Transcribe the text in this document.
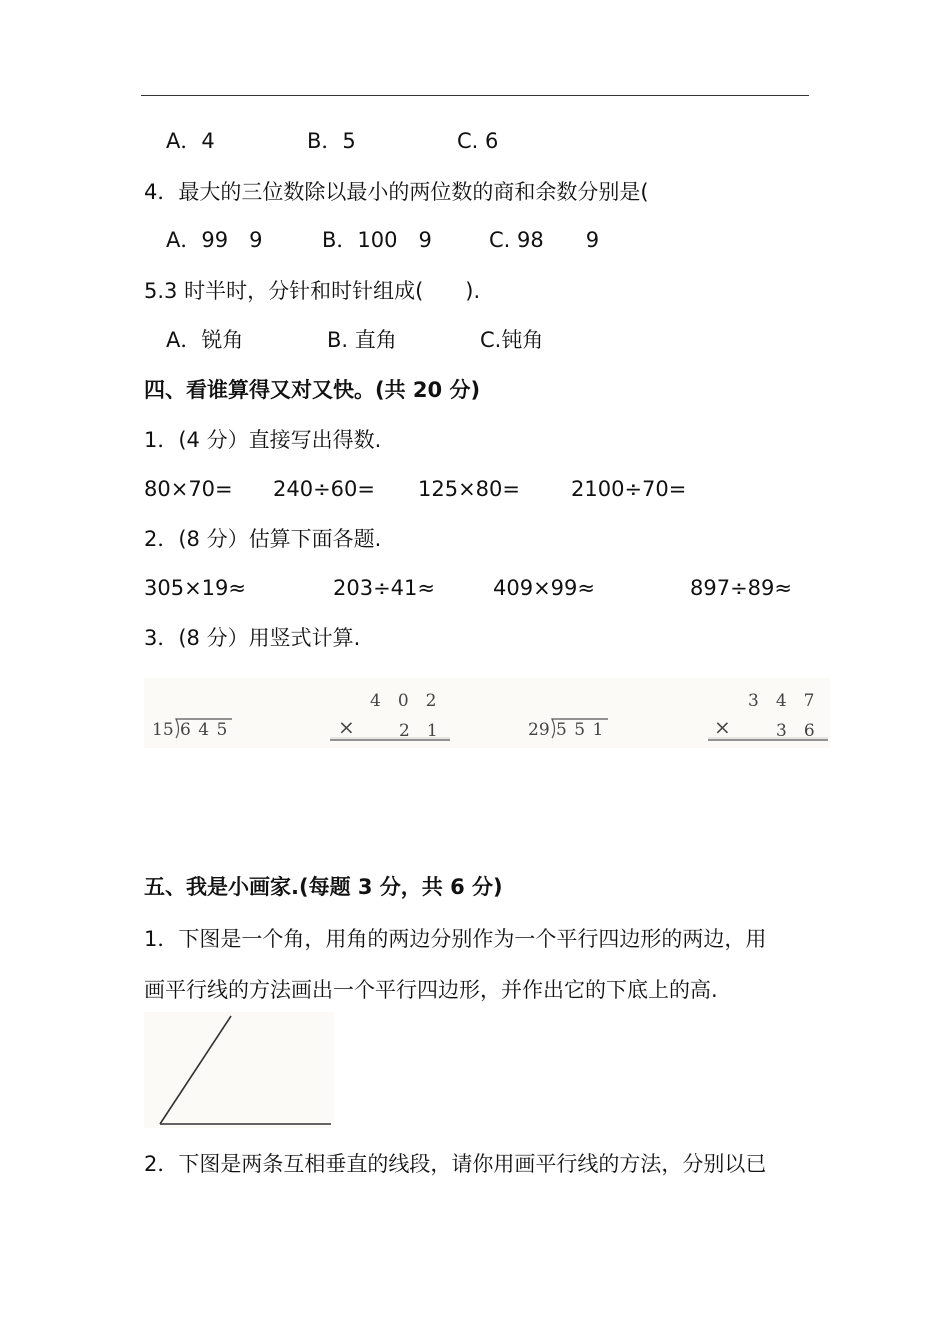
A．4	B．5	C. 6
4．最大的三位数除以最小的两位数的商和余数分别是(
A．99　9	B．100　9	C. 98　　9
5.3 时半时，分针和时针组成(　　).
A．锐角	B. 直角	C.钝角
四、看谁算得又对又快。(共 20 分)
1．(4 分）直接写出得数.
80×70= 240÷60= 125×80= 2100÷70=
2．(8 分）估算下面各题.
305×19≈	203÷41≈	409×99≈	897÷89≈
3．(8 分）用竖式计算.
15 6 4 5
4　0　2
×	2　1	29 5 5 1
3　4　7
×	3　6
五、我是小画家.(每题 3 分，共 6 分)
1．下图是一个角，用角的两边分别作为一个平行四边形的两边，用
画平行线的方法画出一个平行四边形，并作出它的下底上的高.
2．下图是两条互相垂直的线段，请你用画平行线的方法，分别以已
